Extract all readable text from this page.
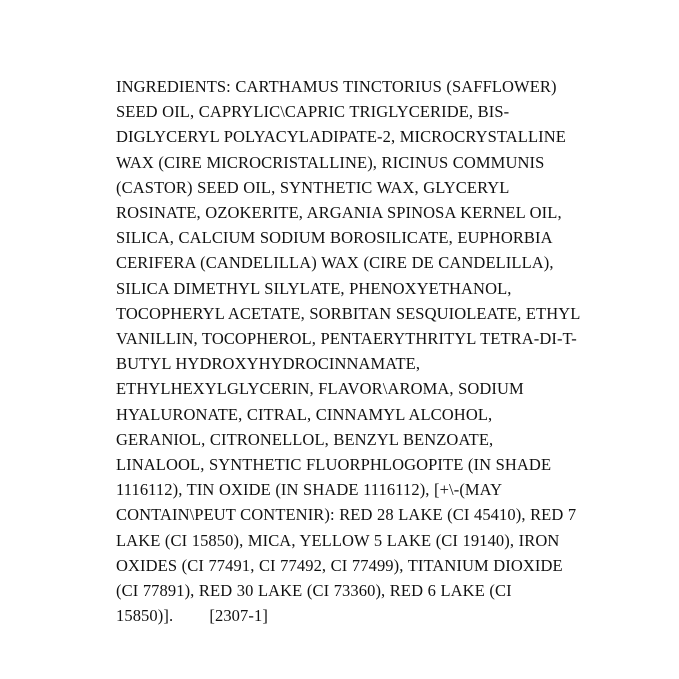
INGREDIENTS: CARTHAMUS TINCTORIUS (SAFFLOWER) SEED OIL, CAPRYLIC\CAPRIC TRIGLYCERIDE, BIS-DIGLYCERYL POLYACYLADIPATE-2, MICROCRYSTALLINE WAX (CIRE MICROCRISTALLINE), RICINUS COMMUNIS (CASTOR) SEED OIL, SYNTHETIC WAX, GLYCERYL ROSINATE, OZOKERITE, ARGANIA SPINOSA KERNEL OIL, SILICA, CALCIUM SODIUM BOROSILICATE, EUPHORBIA CERIFERA (CANDELILLA) WAX (CIRE DE CANDELILLA), SILICA DIMETHYL SILYLATE, PHENOXYETHANOL, TOCOPHERYL ACETATE, SORBITAN SESQUIOLEATE, ETHYL VANILLIN, TOCOPHEROL, PENTAERYTHRITYL TETRA-DI-T-BUTYL HYDROXYHYDROCINNAMATE, ETHYLHEXYLGLYCERIN, FLAVOR\AROMA, SODIUM HYALURONATE, CITRAL, CINNAMYL ALCOHOL, GERANIOL, CITRONELLOL, BENZYL BENZOATE, LINALOOL, SYNTHETIC FLUORPHLOGOPITE (IN SHADE 1116112), TIN OXIDE (IN SHADE 1116112), [+\-(MAY CONTAIN\PEUT CONTENIR): RED 28 LAKE (CI 45410), RED 7 LAKE (CI 15850), MICA, YELLOW 5 LAKE (CI 19140), IRON OXIDES (CI 77491, CI 77492, CI 77499), TITANIUM DIOXIDE (CI 77891), RED 30 LAKE (CI 73360), RED 6 LAKE (CI 15850)]. [2307-1]
